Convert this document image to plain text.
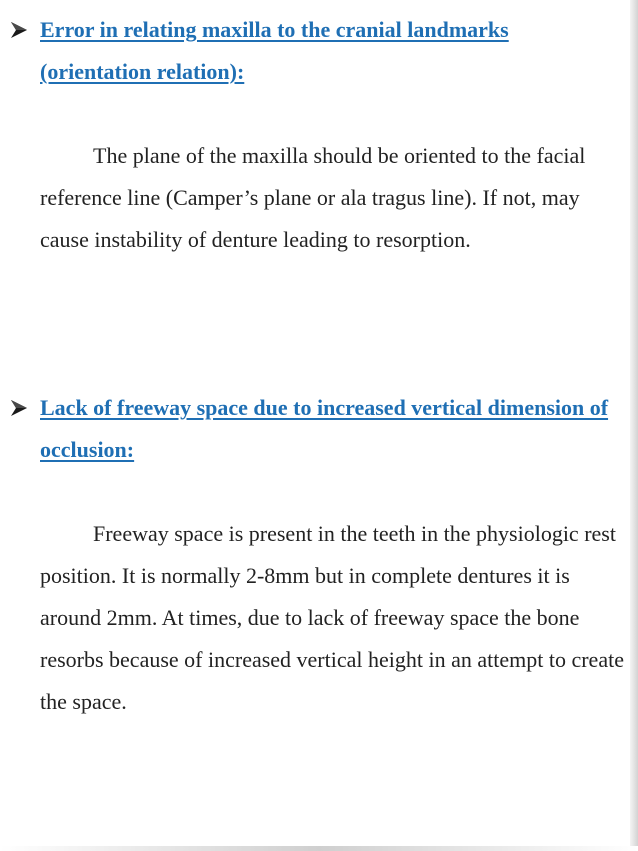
Error in relating maxilla to the cranial landmarks (orientation relation):

The plane of the maxilla should be oriented to the facial reference line (Camper’s plane or ala tragus line). If not, may cause instability of denture leading to resorption.

Lack of freeway space due to increased vertical dimension of occlusion:

Freeway space is present in the teeth in the physiologic rest position. It is normally 2-8mm but in complete dentures it is around 2mm. At times, due to lack of freeway space the bone resorbs because of increased vertical height in an attempt to create the space.
